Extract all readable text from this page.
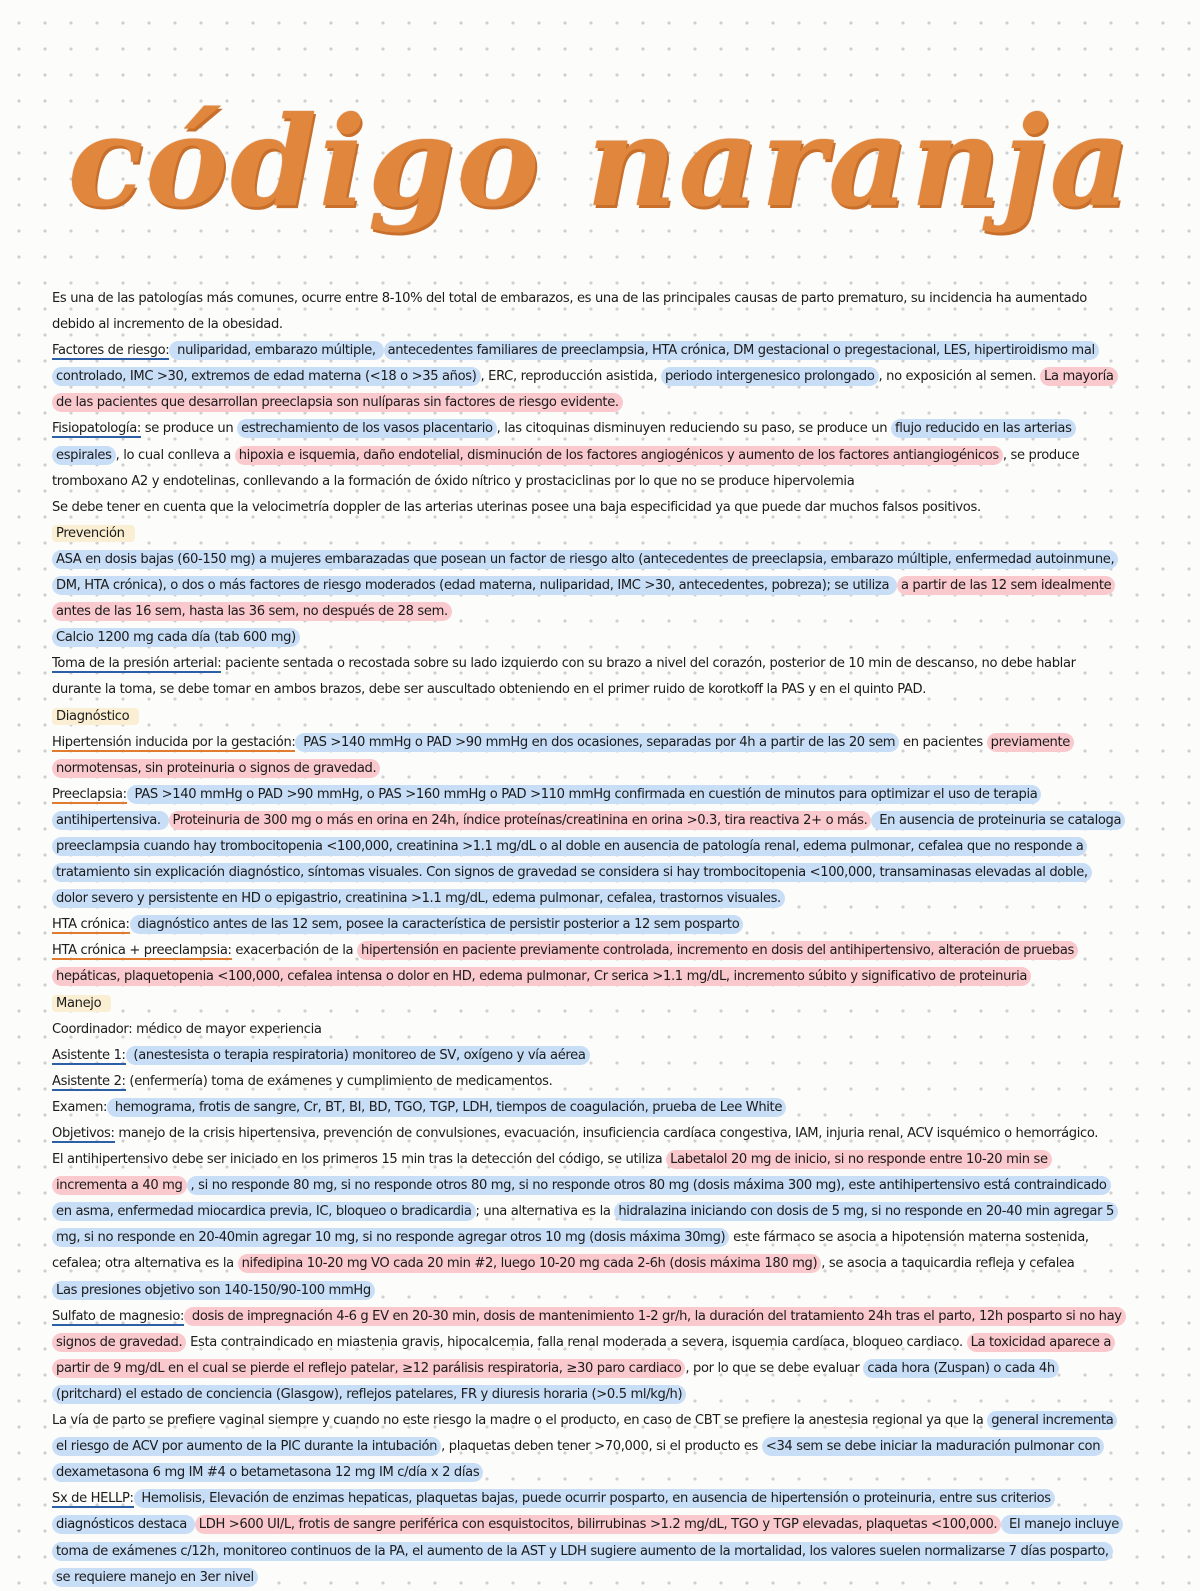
código naranja

Es una de las patologías más comunes, ocurre entre 8-10% del total de embarazos, es una de las principales causas de parto prematuro, su incidencia ha aumentado debido al incremento de la obesidad.

Factores de riesgo: nuliparidad, embarazo múltiple, antecedentes familiares de preeclampsia, HTA crónica, DM gestacional o pregestacional, LES, hipertiroidismo mal controlado, IMC >30, extremos de edad materna (<18 o >35 años) , ERC, reproducción asistida, periodo intergenesico prolongado , no exposición al semen. La mayoría de las pacientes que desarrollan preeclapsia son nulíparas sin factores de riesgo evidente.

Fisiopatología: se produce un estrechamiento de los vasos placentario , las citoquinas disminuyen reduciendo su paso, se produce un flujo reducido en las arterias espirales , lo cual conlleva a hipoxia e isquemia, daño endotelial, disminución de los factores angiogénicos y aumento de los factores antiangiogénicos , se produce tromboxano A2 y endotelinas, conllevando a la formación de óxido nítrico y prostaciclinas por lo que no se produce hipervolemia

Se debe tener en cuenta que la velocimetría doppler de las arterias uterinas posee una baja especificidad ya que puede dar muchos falsos positivos.

Prevención

ASA en dosis bajas (60-150 mg) a mujeres embarazadas que posean un factor de riesgo alto (antecedentes de preeclapsia, embarazo múltiple, enfermedad autoinmune, DM, HTA crónica), o dos o más factores de riesgo moderados (edad materna, nuliparidad, IMC >30, antecedentes, pobreza); se utiliza a partir de las 12 sem idealmente antes de las 16 sem, hasta las 36 sem, no después de 28 sem.

Calcio 1200 mg cada día (tab 600 mg)

Toma de la presión arterial: paciente sentada o recostada sobre su lado izquierdo con su brazo a nivel del corazón, posterior de 10 min de descanso, no debe hablar durante la toma, se debe tomar en ambos brazos, debe ser auscultado obteniendo en el primer ruido de korotkoff la PAS y en el quinto PAD.

Diagnóstico

Hipertensión inducida por la gestación: PAS >140 mmHg o PAD >90 mmHg en dos ocasiones, separadas por 4h a partir de las 20 sem en pacientes previamente normotensas, sin proteinuria o signos de gravedad.

Preeclapsia: PAS >140 mmHg o PAD >90 mmHg, o PAS >160 mmHg o PAD >110 mmHg confirmada en cuestión de minutos para optimizar el uso de terapia antihipertensiva. Proteinuria de 300 mg o más en orina en 24h, índice proteínas/creatinina en orina >0.3, tira reactiva 2+ o más. En ausencia de proteinuria se cataloga preeclampsia cuando hay trombocitopenia <100,000, creatinina >1.1 mg/dL o al doble en ausencia de patología renal, edema pulmonar, cefalea que no responde a tratamiento sin explicación diagnóstico, síntomas visuales. Con signos de gravedad se considera si hay trombocitopenia <100,000, transaminasas elevadas al doble, dolor severo y persistente en HD o epigastrio, creatinina >1.1 mg/dL, edema pulmonar, cefalea, trastornos visuales.

HTA crónica: diagnóstico antes de las 12 sem, posee la característica de persistir posterior a 12 sem posparto

HTA crónica + preeclampsia: exacerbación de la hipertensión en paciente previamente controlada, incremento en dosis del antihipertensivo, alteración de pruebas hepáticas, plaquetopenia <100,000, cefalea intensa o dolor en HD, edema pulmonar, Cr serica >1.1 mg/dL, incremento súbito y significativo de proteinuria

Manejo

Coordinador: médico de mayor experiencia

Asistente 1: (anestesista o terapia respiratoria) monitoreo de SV, oxígeno y vía aérea

Asistente 2: (enfermería) toma de exámenes y cumplimiento de medicamentos.

Examen: hemograma, frotis de sangre, Cr, BT, BI, BD, TGO, TGP, LDH, tiempos de coagulación, prueba de Lee White

Objetivos: manejo de la crisis hipertensiva, prevención de convulsiones, evacuación, insuficiencia cardíaca congestiva, IAM, injuria renal, ACV isquémico o hemorrágico.

El antihipertensivo debe ser iniciado en los primeros 15 min tras la detección del código, se utiliza Labetalol 20 mg de inicio, si no responde entre 10-20 min se incrementa a 40 mg , si no responde 80 mg, si no responde otros 80 mg, si no responde otros 80 mg (dosis máxima 300 mg), este antihipertensivo está contraindicado en asma, enfermedad miocardica previa, IC, bloqueo o bradicardia ; una alternativa es la hidralazina iniciando con dosis de 5 mg, si no responde en 20-40 min agregar 5 mg, si no responde en 20-40min agregar 10 mg, si no responde agregar otros 10 mg (dosis máxima 30mg) este fármaco se asocia a hipotensión materna sostenida, cefalea; otra alternativa es la nifedipina 10-20 mg VO cada 20 min #2, luego 10-20 mg cada 2-6h (dosis máxima 180 mg) , se asocia a taquicardia refleja y cefalea

Las presiones objetivo son 140-150/90-100 mmHg

Sulfato de magnesio: dosis de impregnación 4-6 g EV en 20-30 min, dosis de mantenimiento 1-2 gr/h, la duración del tratamiento 24h tras el parto, 12h posparto si no hay signos de gravedad. Esta contraindicado en miastenia gravis, hipocalcemia, falla renal moderada a severa, isquemia cardíaca, bloqueo cardiaco. La toxicidad aparece a partir de 9 mg/dL en el cual se pierde el reflejo patelar, ≥12 parálisis respiratoria, ≥30 paro cardiaco , por lo que se debe evaluar cada hora (Zuspan) o cada 4h (pritchard) el estado de conciencia (Glasgow), reflejos patelares, FR y diuresis horaria (>0.5 ml/kg/h)

La vía de parto se prefiere vaginal siempre y cuando no este riesgo la madre o el producto, en caso de CBT se prefiere la anestesia regional ya que la general incrementa el riesgo de ACV por aumento de la PIC durante la intubación , plaquetas deben tener >70,000, si el producto es <34 sem se debe iniciar la maduración pulmonar con dexametasona 6 mg IM #4 o betametasona 12 mg IM c/día x 2 días

Sx de HELLP: Hemolisis, Elevación de enzimas hepaticas, plaquetas bajas, puede ocurrir posparto, en ausencia de hipertensión o proteinuria, entre sus criterios diagnósticos destaca LDH >600 UI/L, frotis de sangre periférica con esquistocitos, bilirrubinas >1.2 mg/dL, TGO y TGP elevadas, plaquetas <100,000. El manejo incluye toma de exámenes c/12h, monitoreo continuos de la PA, el aumento de la AST y LDH sugiere aumento de la mortalidad, los valores suelen normalizarse 7 días posparto, se requiere manejo en 3er nivel
